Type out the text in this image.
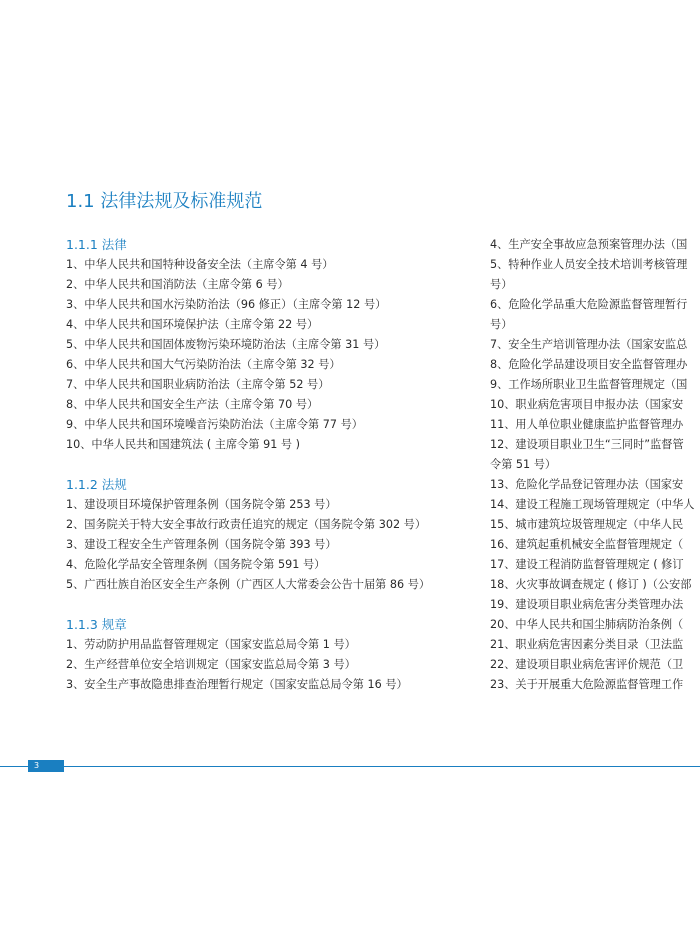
1.1 法律法规及标准规范
1.1.1 法律
1、中华人民共和国特种设备安全法（主席令第 4 号）
2、中华人民共和国消防法（主席令第 6 号）
3、中华人民共和国水污染防治法（96 修正）（主席令第 12 号）
4、中华人民共和国环境保护法（主席令第 22 号）
5、中华人民共和国固体废物污染环境防治法（主席令第 31 号）
6、中华人民共和国大气污染防治法（主席令第 32 号）
7、中华人民共和国职业病防治法（主席令第 52 号）
8、中华人民共和国安全生产法（主席令第 70 号）
9、中华人民共和国环境噪音污染防治法（主席令第 77 号）
10、中华人民共和国建筑法 ( 主席令第 91 号 )
1.1.2 法规
1、建设项目环境保护管理条例（国务院令第 253 号）
2、国务院关于特大安全事故行政责任追究的规定（国务院令第 302 号）
3、建设工程安全生产管理条例（国务院令第 393 号）
4、危险化学品安全管理条例（国务院令第 591 号）
5、广西壮族自治区安全生产条例（广西区人大常委会公告十届第 86 号）
1.1.3 规章
1、劳动防护用品监督管理规定（国家安监总局令第 1 号）
2、生产经营单位安全培训规定（国家安监总局令第 3 号）
3、安全生产事故隐患排查治理暂行规定（国家安监总局令第 16 号）
4、生产安全事故应急预案管理办法（国
5、特种作业人员安全技术培训考核管理
号）
6、危险化学品重大危险源监督管理暂行
号）
7、安全生产培训管理办法（国家安监总
8、危险化学品建设项目安全监督管理办
9、工作场所职业卫生监督管理规定（国
10、职业病危害项目申报办法（国家安
11、用人单位职业健康监护监督管理办
12、建设项目职业卫生“三同时”监督管
令第 51 号）
13、危险化学品登记管理办法（国家安
14、建设工程施工现场管理规定（中华人
15、城市建筑垃圾管理规定（中华人民
16、建筑起重机械安全监督管理规定（
17、建设工程消防监督管理规定 ( 修订
18、火灾事故调查规定 ( 修订 )（公安部
19、建设项目职业病危害分类管理办法
20、中华人民共和国尘肺病防治条例（
21、职业病危害因素分类目录（卫法监
22、建设项目职业病危害评价规范（卫
23、关于开展重大危险源监督管理工作
3
